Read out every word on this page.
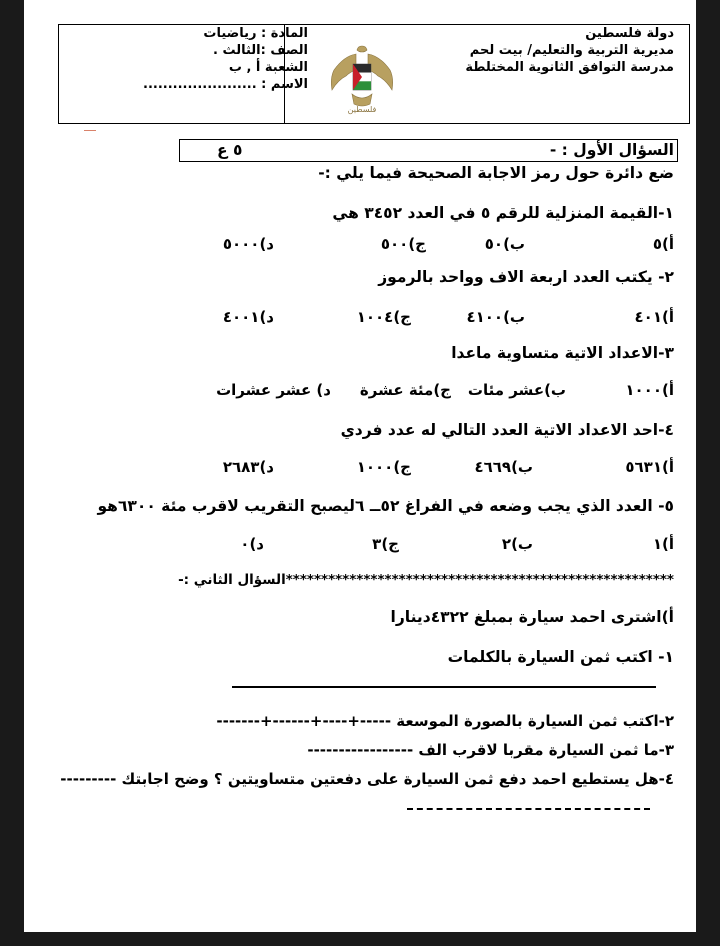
دولة فلسطين
مديرية التربية والتعليم/ بيت لحم
مدرسة التوافق الثانوية المختلطة
المادة : رياضيات
الصف :الثالث .
الشعبة أ , ب
الاسم : .......................
فلسطين
السؤال الأول : -
٥ ع
ضع دائرة حول رمز الاجابة الصحيحة فيما يلي :-
١-القيمة المنزلية للرقم ٥ في العدد ٣٤٥٢ هي
أ)٥
ب)٥٠
ج)٥٠٠
د)٥٠٠٠
٢- يكتب العدد اربعة الاف وواحد بالرموز
أ)٤٠١
ب)٤١٠٠
ج)١٠٠٤
د)٤٠٠١
٣-الاعداد الاتية متساوية ماعدا
أ)١٠٠٠
ب)عشر مئات
ج)مئة عشرة
د) عشر عشرات
٤-احد الاعداد الاتية العدد التالي له عدد فردي
أ)٥٦٣١
ب)٤٦٦٩
ج)١٠٠٠
د)٢٦٨٣
٥- العدد الذي يجب وضعه في الفراغ ٥٢ــ ٦ليصبح التقريب لاقرب مئة ٦٣٠٠هو
أ)١
ب)٢
ج)٣
د)٠
*******************************************************السؤال الثاني :-
أ)اشترى احمد سيارة بمبلغ ٤٣٢٢دينارا
١- اكتب ثمن السيارة بالكلمات
٢-اكتب ثمن السيارة بالصورة الموسعة -----+----+------+-------
٣-ما ثمن السيارة مقربا لاقرب الف -----------------
٤-هل يستطيع احمد دفع ثمن السيارة على دفعتين متساويتين ؟ وضح اجابتك ---------
